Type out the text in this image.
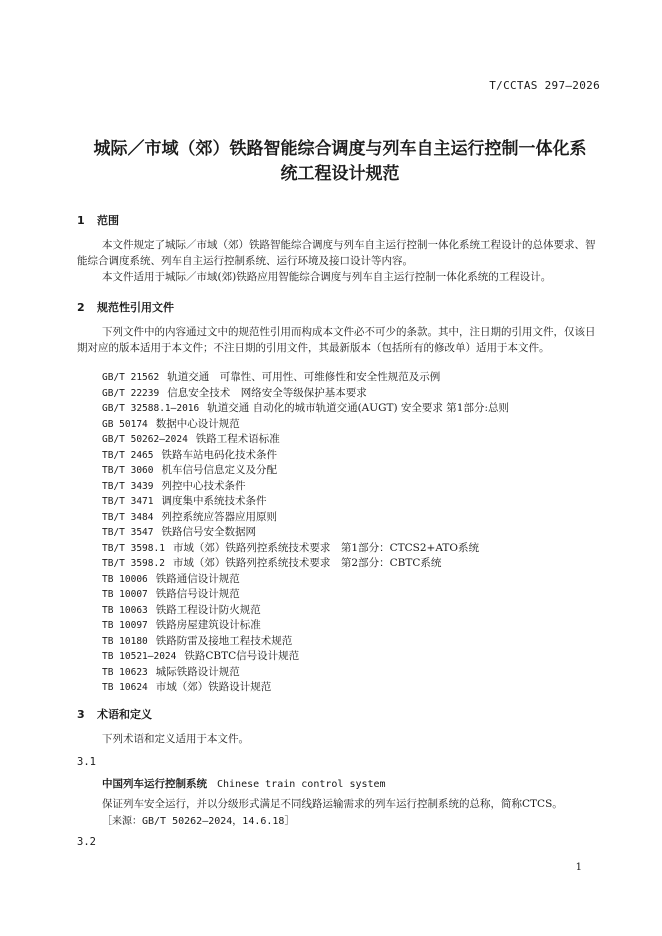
T/CCTAS 297—2026
城际／市域（郊）铁路智能综合调度与列车自主运行控制一体化系
统工程设计规范
1 范围

本文件规定了城际／市域（郊）铁路智能综合调度与列车自主运行控制一体化系统工程设计的总体要求、智能综合调度系统、列车自主运行控制系统、运行环境及接口设计等内容。

本文件适用于城际／市域(郊)铁路应用智能综合调度与列车自主运行控制一体化系统的工程设计。

2 规范性引用文件

下列文件中的内容通过文中的规范性引用而构成本文件必不可少的条款。其中，注日期的引用文件，仅该日期对应的版本适用于本文件；不注日期的引用文件，其最新版本（包括所有的修改单）适用于本文件。

GB/T 21562 轨道交通　可靠性、可用性、可维修性和安全性规范及示例
GB/T 22239 信息安全技术　网络安全等级保护基本要求
GB/T 32588.1—2016 轨道交通 自动化的城市轨道交通(AUGT) 安全要求 第1部分:总则
GB 50174 数据中心设计规范
GB/T 50262—2024 铁路工程术语标准
TB/T 2465 铁路车站电码化技术条件
TB/T 3060 机车信号信息定义及分配
TB/T 3439 列控中心技术条件
TB/T 3471 调度集中系统技术条件
TB/T 3484 列控系统应答器应用原则
TB/T 3547 铁路信号安全数据网
TB/T 3598.1 市域（郊）铁路列控系统技术要求　第1部分：CTCS2+ATO系统
TB/T 3598.2 市域（郊）铁路列控系统技术要求　第2部分：CBTC系统
TB 10006 铁路通信设计规范
TB 10007 铁路信号设计规范
TB 10063 铁路工程设计防火规范
TB 10097 铁路房屋建筑设计标准
TB 10180 铁路防雷及接地工程技术规范
TB 10521—2024 铁路CBTC信号设计规范
TB 10623 城际铁路设计规范
TB 10624 市域（郊）铁路设计规范
3 术语和定义

下列术语和定义适用于本文件。

3.1
中国列车运行控制系统 Chinese train control system

保证列车安全运行，并以分级形式满足不同线路运输需求的列车运行控制系统的总称，简称CTCS。

［来源：GB/T 50262—2024，14.6.18］
3.2
1
